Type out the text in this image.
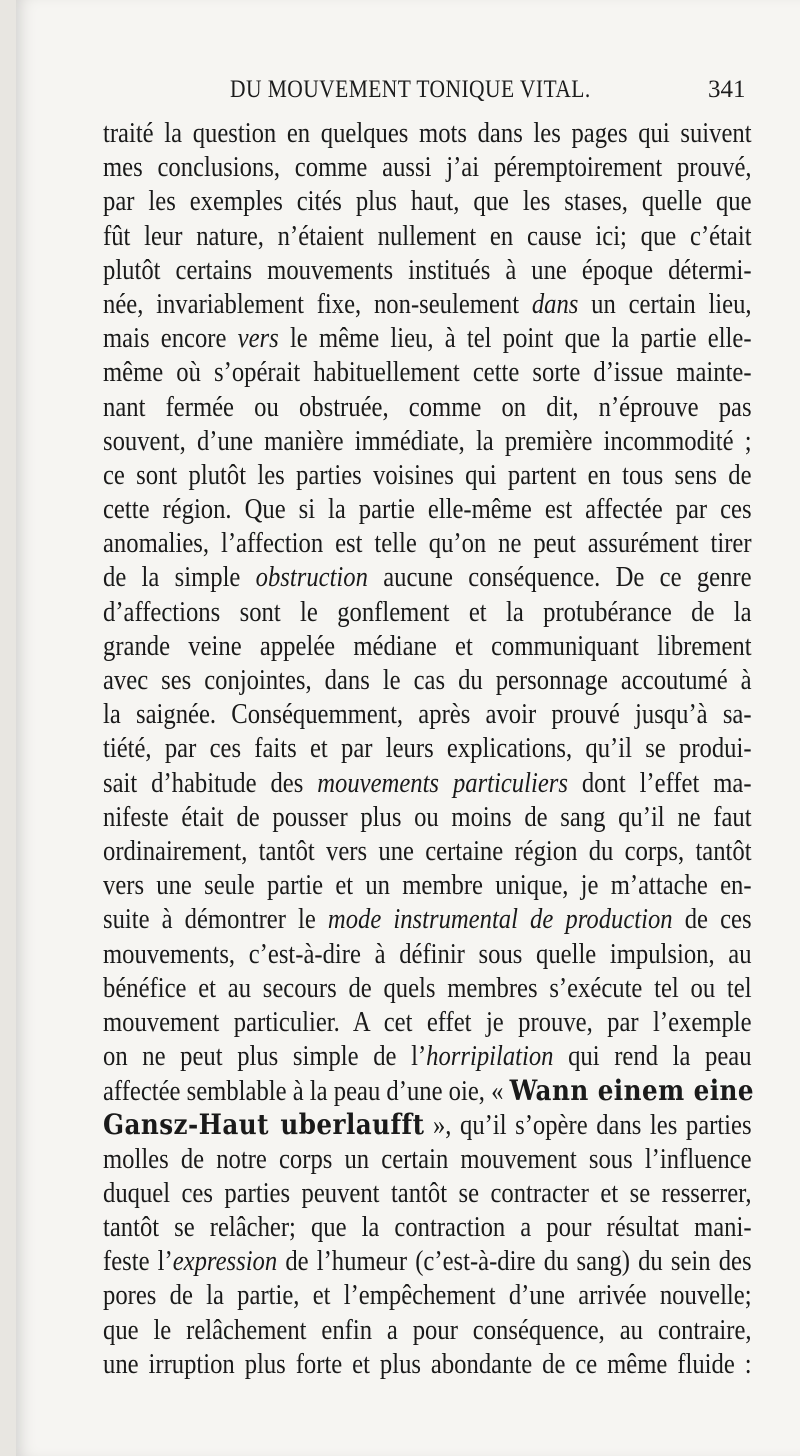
DU MOUVEMENT TONIQUE VITAL.	341
traité la question en quelques mots dans les pages qui suivent
mes conclusions, comme aussi j’ai péremptoirement prouvé,
par les exemples cités plus haut, que les stases, quelle que
fût leur nature, n’étaient nullement en cause ici; que c’était
plutôt certains mouvements institués à une époque détermi-
née, invariablement fixe, non-seulement dans un certain lieu,
mais encore vers le même lieu, à tel point que la partie elle-
même où s’opérait habituellement cette sorte d’issue mainte-
nant fermée ou obstruée, comme on dit, n’éprouve pas
souvent, d’une manière immédiate, la première incommodité ;
ce sont plutôt les parties voisines qui partent en tous sens de
cette région. Que si la partie elle-même est affectée par ces
anomalies, l’affection est telle qu’on ne peut assurément tirer
de la simple obstruction aucune conséquence. De ce genre
d’affections sont le gonflement et la protubérance de la
grande veine appelée médiane et communiquant librement
avec ses conjointes, dans le cas du personnage accoutumé à
la saignée. Conséquemment, après avoir prouvé jusqu’à sa-
tiété, par ces faits et par leurs explications, qu’il se produi-
sait d’habitude des mouvements particuliers dont l’effet ma-
nifeste était de pousser plus ou moins de sang qu’il ne faut
ordinairement, tantôt vers une certaine région du corps, tantôt
vers une seule partie et un membre unique, je m’attache en-
suite à démontrer le mode instrumental de production de ces
mouvements, c’est-à-dire à définir sous quelle impulsion, au
bénéfice et au secours de quels membres s’exécute tel ou tel
mouvement particulier. A cet effet je prouve, par l’exemple
on ne peut plus simple de l’horripilation qui rend la peau
affectée semblable à la peau d’une oie, « Wann einem eine
Gansz-Haut uberlaufft », qu’il s’opère dans les parties
molles de notre corps un certain mouvement sous l’influence
duquel ces parties peuvent tantôt se contracter et se resserrer,
tantôt se relâcher; que la contraction a pour résultat mani-
feste l’expression de l’humeur (c’est-à-dire du sang) du sein des
pores de la partie, et l’empêchement d’une arrivée nouvelle;
que le relâchement enfin a pour conséquence, au contraire,
une irruption plus forte et plus abondante de ce même fluide :
